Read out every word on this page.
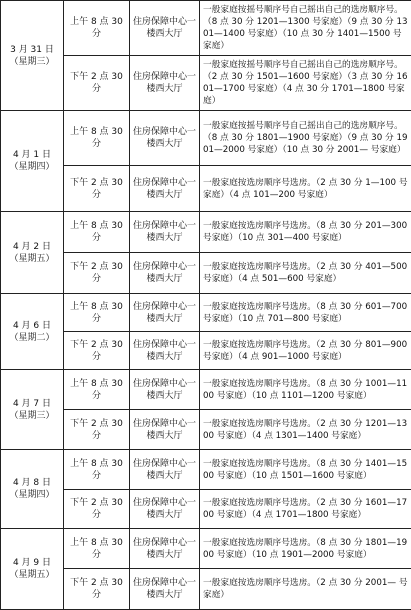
3 月 31 日
（星期三）	上午 8 点 30 分	住房保障中心一楼西大厅	一般家庭按摇号顺序号自己摇出自己的选房顺序号。（8 点 30 分 1201—1300 号家庭）（9 点 30 分 1301—1400 号家庭）（10 点 30 分 1401—1500 号家庭）
	下午 2 点 30 分	住房保障中心一楼西大厅	一般家庭按摇号顺序号自己摇出自己的选房顺序号。（2 点 30 分 1501—1600 号家庭）（3 点 30 分 1601—1700 号家庭）（4 点 30 分 1701—1800 号家庭）

4 月 1 日
（星期四）	上午 8 点 30 分	住房保障中心一楼西大厅	一般家庭按摇号顺序号自己摇出自己的选房顺序号。（8 点 30 分 1801—1900 号家庭）（9 点 30 分 1901—2000 号家庭）（10 点 30 分 2001— 号家庭）
	下午 2 点 30 分	住房保障中心一楼西大厅	一般家庭按选房顺序号选房。（2 点 30 分 1—100 号家庭）（4 点 101—200 号家庭）

4 月 2 日
（星期五）	上午 8 点 30 分	住房保障中心一楼西大厅	一般家庭按选房顺序号选房。（8 点 30 分 201—300 号家庭）（10 点 301—400 号家庭）
	下午 2 点 30 分	住房保障中心一楼西大厅	一般家庭按选房顺序号选房。（2 点 30 分 401—500 号家庭）（4 点 501—600 号家庭）

4 月 6 日
（星期二）	上午 8 点 30 分	住房保障中心一楼西大厅	一般家庭按选房顺序号选房。（8 点 30 分 601—700 号家庭）（10 点 701—800 号家庭）
	下午 2 点 30 分	住房保障中心一楼西大厅	一般家庭按选房顺序号选房。（2 点 30 分 801—900 号家庭）（4 点 901—1000 号家庭）

4 月 7 日
（星期三）	上午 8 点 30 分	住房保障中心一楼西大厅	一般家庭按选房顺序号选房。（8 点 30 分 1001—1100 号家庭）（10 点 1101—1200 号家庭）
	下午 2 点 30 分	住房保障中心一楼西大厅	一般家庭按选房顺序号选房。（2 点 30 分 1201—1300 号家庭）（4 点 1301—1400 号家庭）

4 月 8 日
（星期四）	上午 8 点 30 分	住房保障中心一楼西大厅	一般家庭按选房顺序号选房。（8 点 30 分 1401—1500 号家庭）（10 点 1501—1600 号家庭）
	下午 2 点 30 分	住房保障中心一楼西大厅	一般家庭按选房顺序号选房。（2 点 30 分 1601—1700 号家庭）（4 点 1701—1800 号家庭）

4 月 9 日
（星期五）	上午 8 点 30 分	住房保障中心一楼西大厅	一般家庭按选房顺序号选房。（8 点 30 分 1801—1900 号家庭）（10 点 1901—2000 号家庭）
	下午 2 点 30 分	住房保障中心一楼西大厅	一般家庭按选房顺序号选房。（2 点 30 分 2001— 号家庭）
